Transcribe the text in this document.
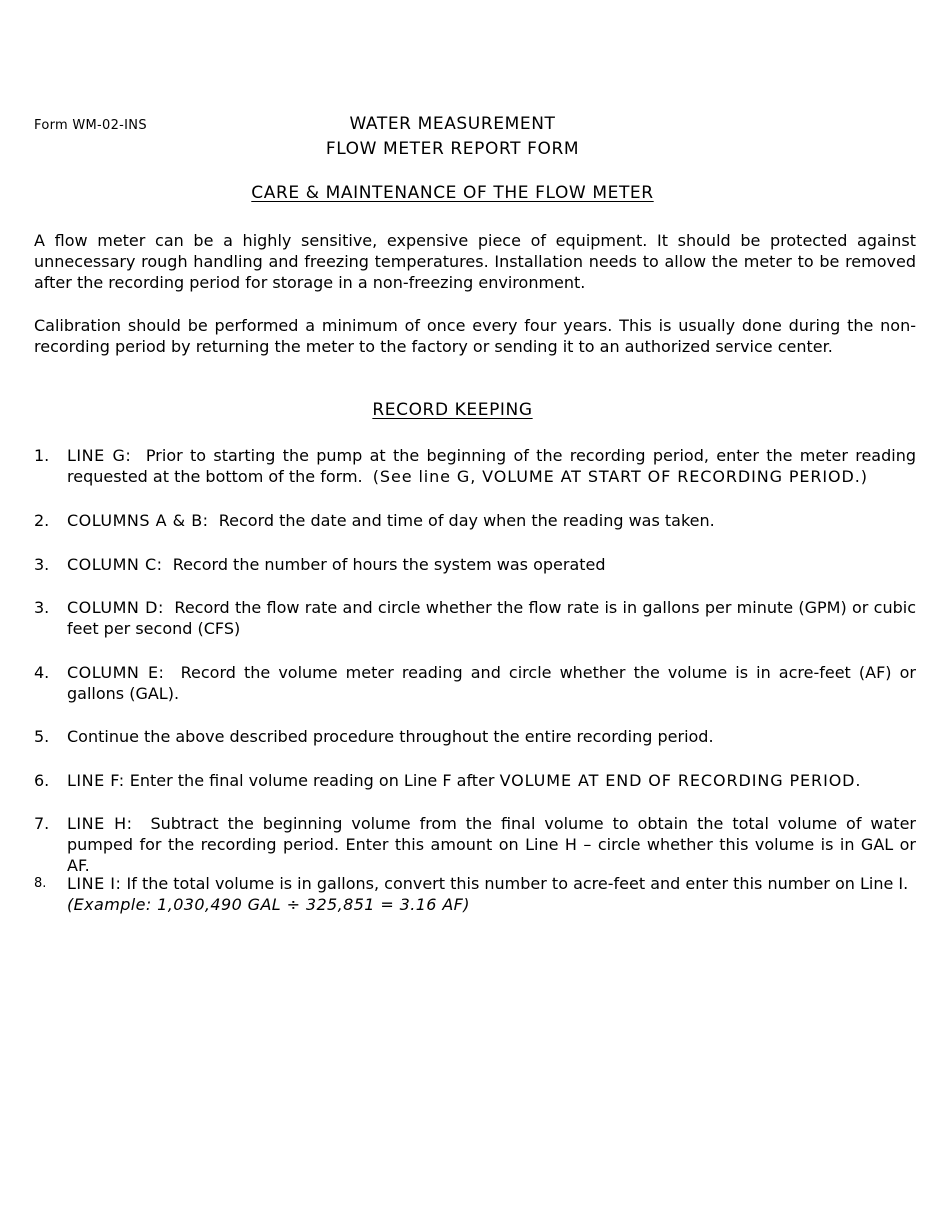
Form WM-02-INS	WATER MEASUREMENT
FLOW METER REPORT FORM
CARE & MAINTENANCE OF THE FLOW METER
A flow meter can be a highly sensitive, expensive piece of equipment. It should be protected against unnecessary rough handling and freezing temperatures. Installation needs to allow the meter to be removed after the recording period for storage in a non-freezing environment.
Calibration should be performed a minimum of once every four years. This is usually done during the non-recording period by returning the meter to the factory or sending it to an authorized service center.
RECORD KEEPING
1.	LINE G: Prior to starting the pump at the beginning of the recording period, enter the meter reading requested at the bottom of the form. (See line G, VOLUME AT START OF RECORDING PERIOD.)
2.	COLUMNS A & B: Record the date and time of day when the reading was taken.
3.	COLUMN C: Record the number of hours the system was operated
3.	COLUMN D: Record the flow rate and circle whether the flow rate is in gallons per minute (GPM) or cubic feet per second (CFS)
4.	COLUMN E: Record the volume meter reading and circle whether the volume is in acre-feet (AF) or gallons (GAL).
5.	Continue the above described procedure throughout the entire recording period.
6.	LINE F: Enter the final volume reading on Line F after VOLUME AT END OF RECORDING PERIOD.
7.	LINE H: Subtract the beginning volume from the final volume to obtain the total volume of water pumped for the recording period. Enter this amount on Line H – circle whether this volume is in GAL or AF.
8.	LINE I: If the total volume is in gallons, convert this number to acre-feet and enter this number on Line I.
(Example: 1,030,490 GAL ÷ 325,851 = 3.16 AF)
